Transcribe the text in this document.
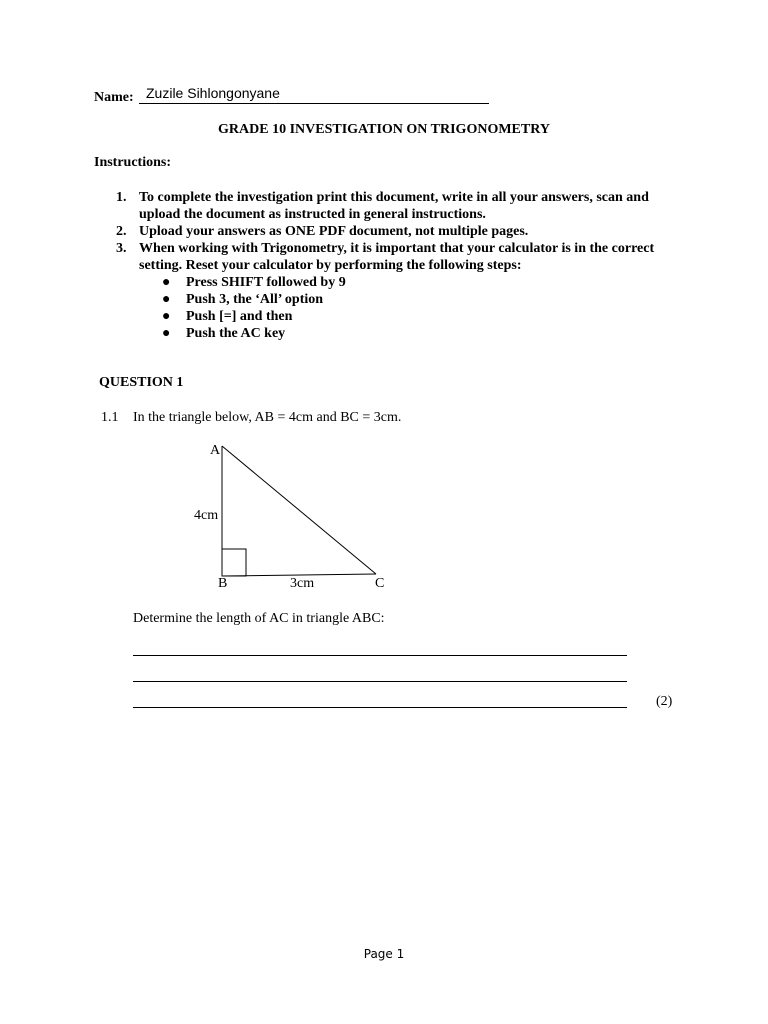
Name: Zuzile Sihlongonyane
GRADE 10 INVESTIGATION ON TRIGONOMETRY
Instructions:
1. To complete the investigation print this document, write in all your answers, scan and upload the document as instructed in general instructions.
2. Upload your answers as ONE PDF document, not multiple pages.
3. When working with Trigonometry, it is important that your calculator is in the correct setting. Reset your calculator by performing the following steps:
● Press SHIFT followed by 9
● Push 3, the ‘All’ option
● Push [=] and then
● Push the AC key
QUESTION 1
1.1 In the triangle below, AB = 4cm and BC = 3cm.
A
4cm
B	3cm	C
Determine the length of AC in triangle ABC:
(2)
Page 1
